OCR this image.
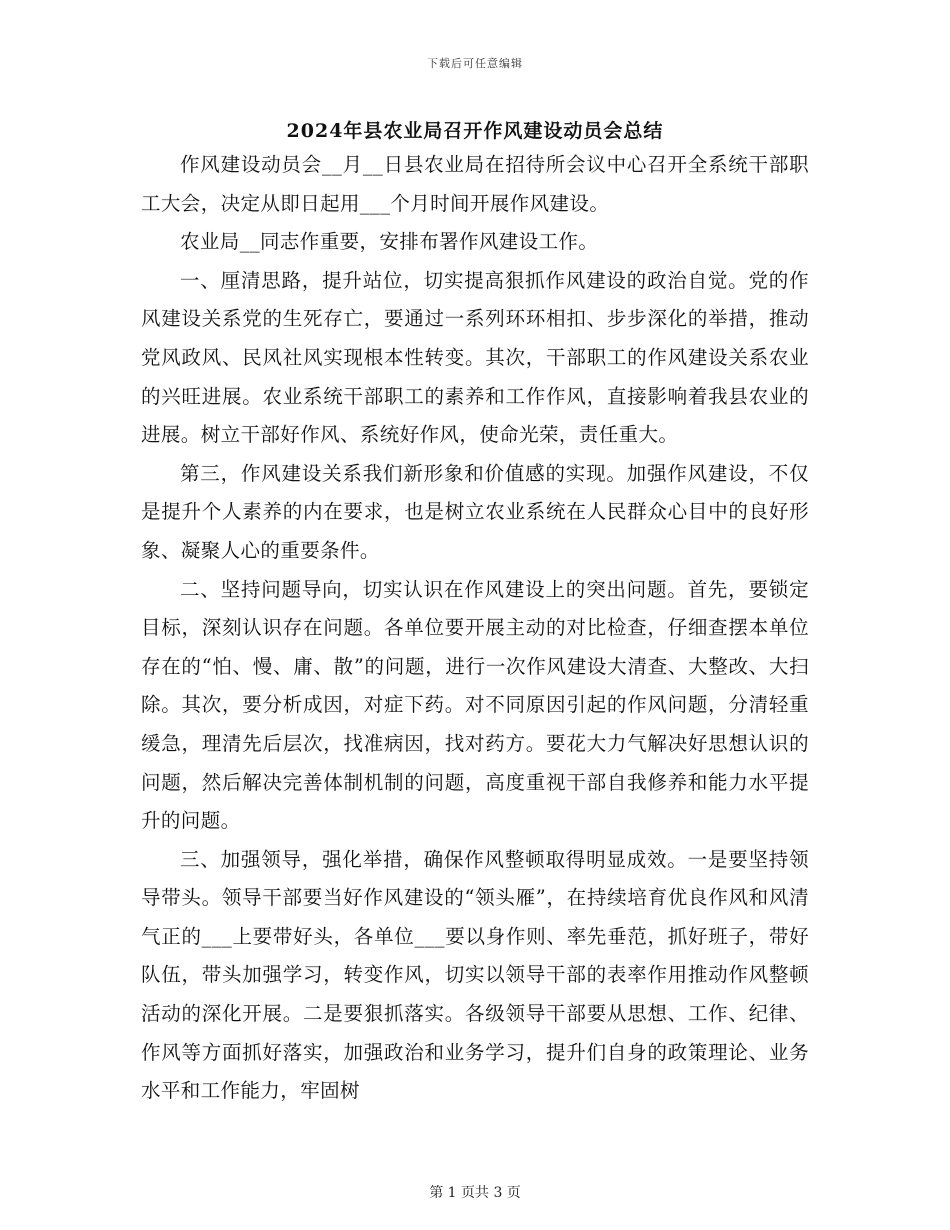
下载后可任意编辑
2024年县农业局召开作风建设动员会总结

作风建设动员会__月__日县农业局在招待所会议中心召开全系统干部职工大会，决定从即日起用___个月时间开展作风建设。

农业局__同志作重要，安排布署作风建设工作。

一、厘清思路，提升站位，切实提高狠抓作风建设的政治自觉。党的作风建设关系党的生死存亡，要通过一系列环环相扣、步步深化的举措，推动党风政风、民风社风实现根本性转变。其次，干部职工的作风建设关系农业的兴旺进展。农业系统干部职工的素养和工作作风，直接影响着我县农业的进展。树立干部好作风、系统好作风，使命光荣，责任重大。

第三，作风建设关系我们新形象和价值感的实现。加强作风建设，不仅是提升个人素养的内在要求，也是树立农业系统在人民群众心目中的良好形象、凝聚人心的重要条件。

二、坚持问题导向，切实认识在作风建设上的突出问题。首先，要锁定目标，深刻认识存在问题。各单位要开展主动的对比检查，仔细查摆本单位存在的“怕、慢、庸、散”的问题，进行一次作风建设大清查、大整改、大扫除。其次，要分析成因，对症下药。对不同原因引起的作风问题，分清轻重缓急，理清先后层次，找准病因，找对药方。要花大力气解决好思想认识的问题，然后解决完善体制机制的问题，高度重视干部自我修养和能力水平提升的问题。

三、加强领导，强化举措，确保作风整顿取得明显成效。一是要坚持领导带头。领导干部要当好作风建设的“领头雁”，在持续培育优良作风和风清气正的___上要带好头，各单位___要以身作则、率先垂范，抓好班子，带好队伍，带头加强学习，转变作风，切实以领导干部的表率作用推动作风整顿活动的深化开展。二是要狠抓落实。各级领导干部要从思想、工作、纪律、作风等方面抓好落实，加强政治和业务学习，提升们自身的政策理论、业务水平和工作能力，牢固树

第 1 页共 3 页
